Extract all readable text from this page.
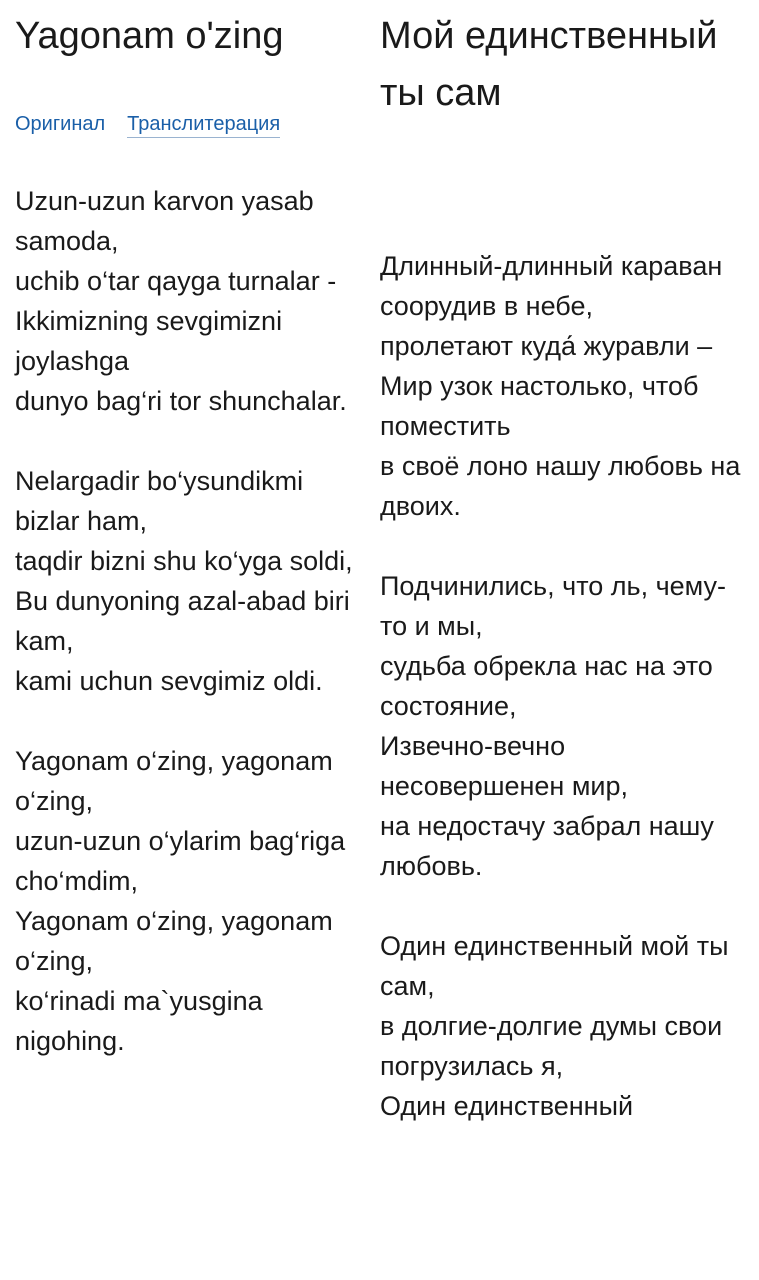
Yagonam o'zing
Оригинал Транслитерация

Uzun-uzun karvon yasab samoda,
uchib o‘tar qayga turnalar -
Ikkimizning sevgimizni joylashga
dunyo bag‘ri tor shunchalar.

Nelargadir bo‘ysundikmi bizlar ham,
taqdir bizni shu ko‘yga soldi,
Bu dunyoning azal-abad biri kam,
kami uchun sevgimiz oldi.

Yagonam o‘zing, yagonam o‘zing,
uzun-uzun o‘ylarim bag‘riga cho‘mdim,
Yagonam o‘zing, yagonam o‘zing,
ko‘rinadi ma`yusgina nigohing.

Мой единственный ты сам

Длинный-длинный караван соорудив в небе,
пролетают куда́ журавли –
Мир узок настолько, чтоб поместить
в своё лоно нашу любовь на двоих.

Подчинились, что ль, чему-то и мы,
судьба обрекла нас на это состояние,
Извечно-вечно несовершенен мир,
на недостачу забрал нашу любовь.

Один единственный мой ты сам,
в долгие-долгие думы свои погрузилась я,
Один единственный
